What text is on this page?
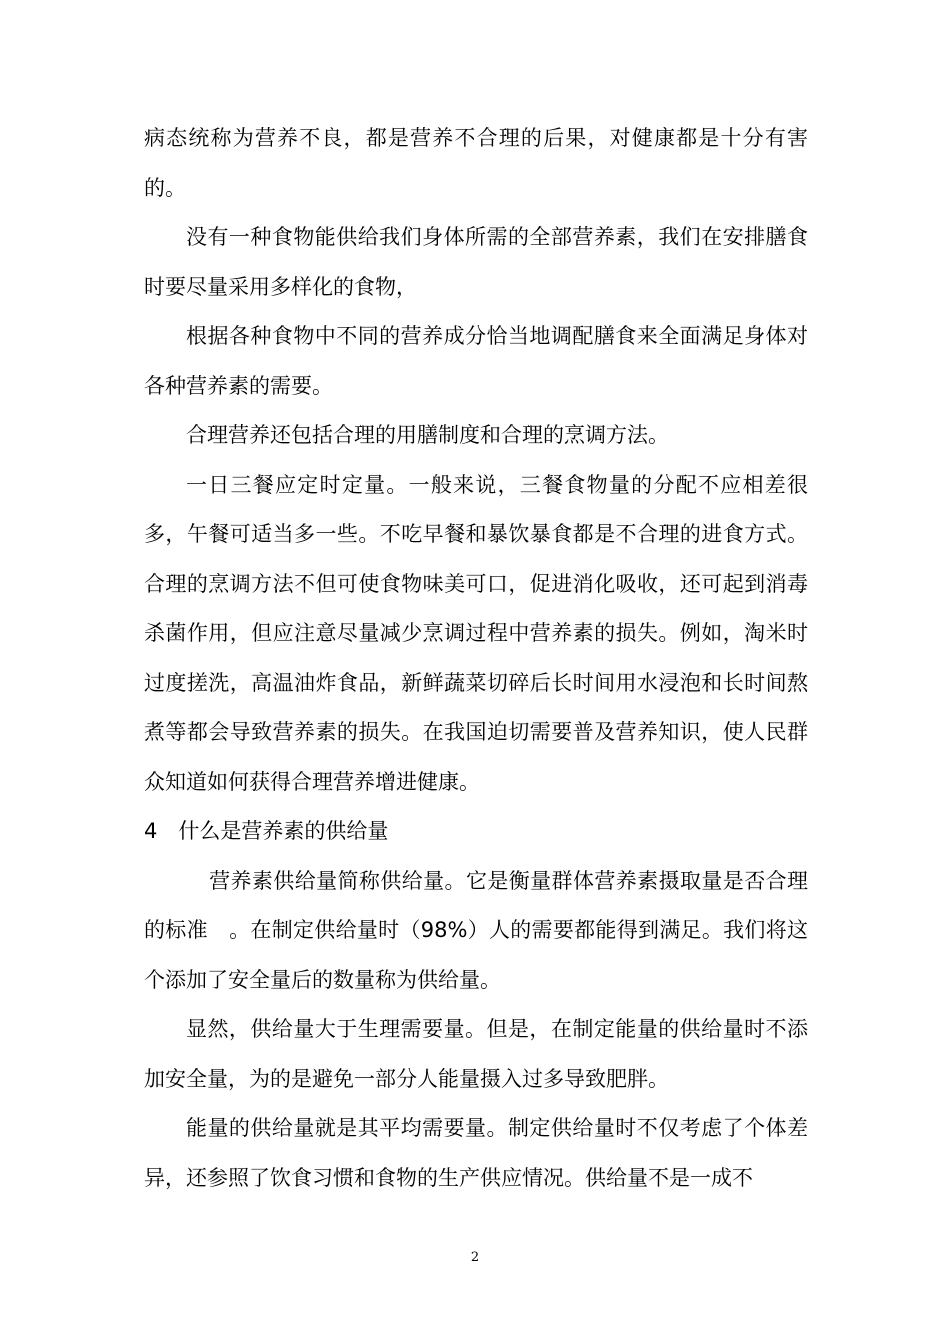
病态统称为营养不良，都是营养不合理的后果，对健康都是十分有害的。

没有一种食物能供给我们身体所需的全部营养素，我们在安排膳食时要尽量采用多样化的食物，

根据各种食物中不同的营养成分恰当地调配膳食来全面满足身体对各种营养素的需要。

合理营养还包括合理的用膳制度和合理的烹调方法。

一日三餐应定时定量。一般来说，三餐食物量的分配不应相差很多，午餐可适当多一些。不吃早餐和暴饮暴食都是不合理的进食方式。合理的烹调方法不但可使食物味美可口，促进消化吸收，还可起到消毒杀菌作用，但应注意尽量减少烹调过程中营养素的损失。例如，淘米时过度搓洗，高温油炸食品，新鲜蔬菜切碎后长时间用水浸泡和长时间熬煮等都会导致营养素的损失。在我国迫切需要普及营养知识，使人民群众知道如何获得合理营养增进健康。

4　什么是营养素的供给量

营养素供给量简称供给量。它是衡量群体营养素摄取量是否合理的标准　。在制定供给量时（98%）人的需要都能得到满足。我们将这个添加了安全量后的数量称为供给量。

显然，供给量大于生理需要量。但是，在制定能量的供给量时不添加安全量，为的是避免一部分人能量摄入过多导致肥胖。

能量的供给量就是其平均需要量。制定供给量时不仅考虑了个体差异，还参照了饮食习惯和食物的生产供应情况。供给量不是一成不

2
